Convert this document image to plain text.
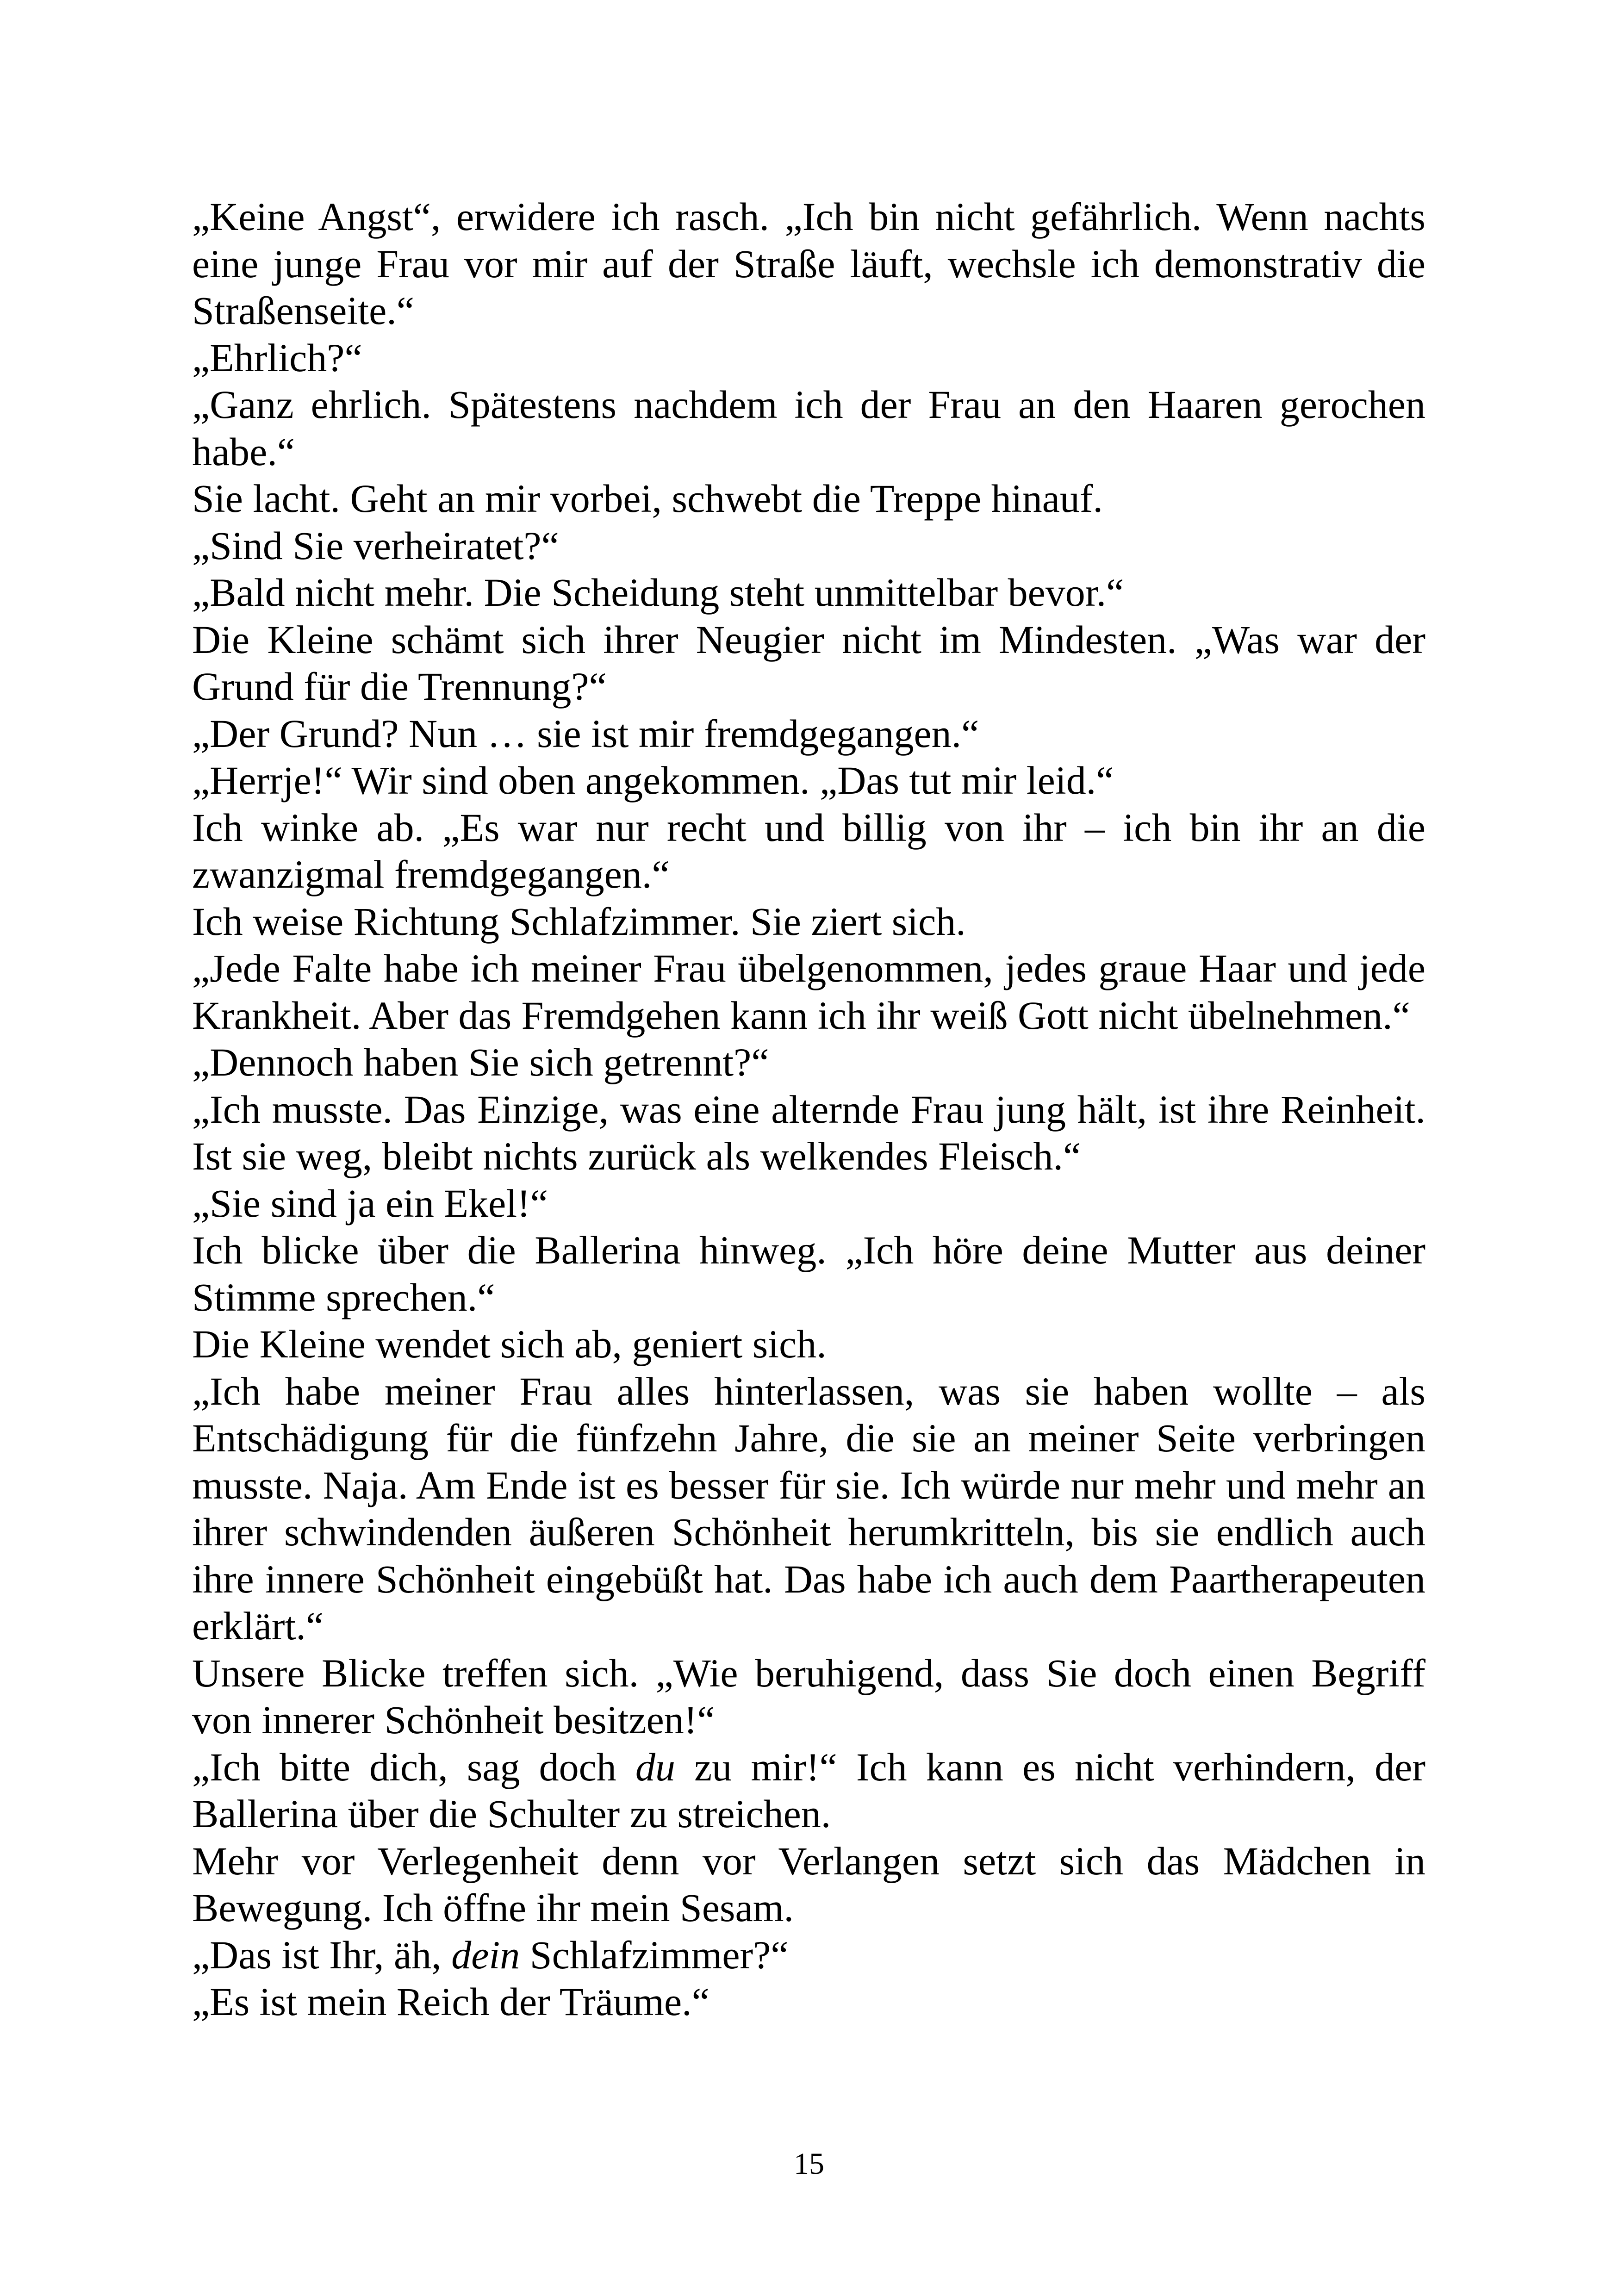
„Keine Angst“, erwidere ich rasch. „Ich bin nicht gefährlich. Wenn nachts eine junge Frau vor mir auf der Straße läuft, wechsle ich demonstrativ die Straßenseite.“

„Ehrlich?“

„Ganz ehrlich. Spätestens nachdem ich der Frau an den Haaren gerochen habe.“

Sie lacht. Geht an mir vorbei, schwebt die Treppe hinauf.

„Sind Sie verheiratet?“

„Bald nicht mehr. Die Scheidung steht unmittelbar bevor.“

Die Kleine schämt sich ihrer Neugier nicht im Mindesten. „Was war der Grund für die Trennung?“

„Der Grund? Nun … sie ist mir fremdgegangen.“

„Herrje!“ Wir sind oben angekommen. „Das tut mir leid.“

Ich winke ab. „Es war nur recht und billig von ihr – ich bin ihr an die zwanzigmal fremdgegangen.“

Ich weise Richtung Schlafzimmer. Sie ziert sich.

„Jede Falte habe ich meiner Frau übelgenommen, jedes graue Haar und jede Krankheit. Aber das Fremdgehen kann ich ihr weiß Gott nicht übelnehmen.“

„Dennoch haben Sie sich getrennt?“

„Ich musste. Das Einzige, was eine alternde Frau jung hält, ist ihre Reinheit. Ist sie weg, bleibt nichts zurück als welkendes Fleisch.“

„Sie sind ja ein Ekel!“

Ich blicke über die Ballerina hinweg. „Ich höre deine Mutter aus deiner Stimme sprechen.“

Die Kleine wendet sich ab, geniert sich.

„Ich habe meiner Frau alles hinterlassen, was sie haben wollte – als Entschädigung für die fünfzehn Jahre, die sie an meiner Seite verbringen musste. Naja. Am Ende ist es besser für sie. Ich würde nur mehr und mehr an ihrer schwindenden äußeren Schönheit herumkritteln, bis sie endlich auch ihre innere Schönheit eingebüßt hat. Das habe ich auch dem Paartherapeuten erklärt.“

Unsere Blicke treffen sich. „Wie beruhigend, dass Sie doch einen Begriff von innerer Schönheit besitzen!“

„Ich bitte dich, sag doch du zu mir!“ Ich kann es nicht verhindern, der Ballerina über die Schulter zu streichen.

Mehr vor Verlegenheit denn vor Verlangen setzt sich das Mädchen in Bewegung. Ich öffne ihr mein Sesam.

„Das ist Ihr, äh, dein Schlafzimmer?“

„Es ist mein Reich der Träume.“

15
